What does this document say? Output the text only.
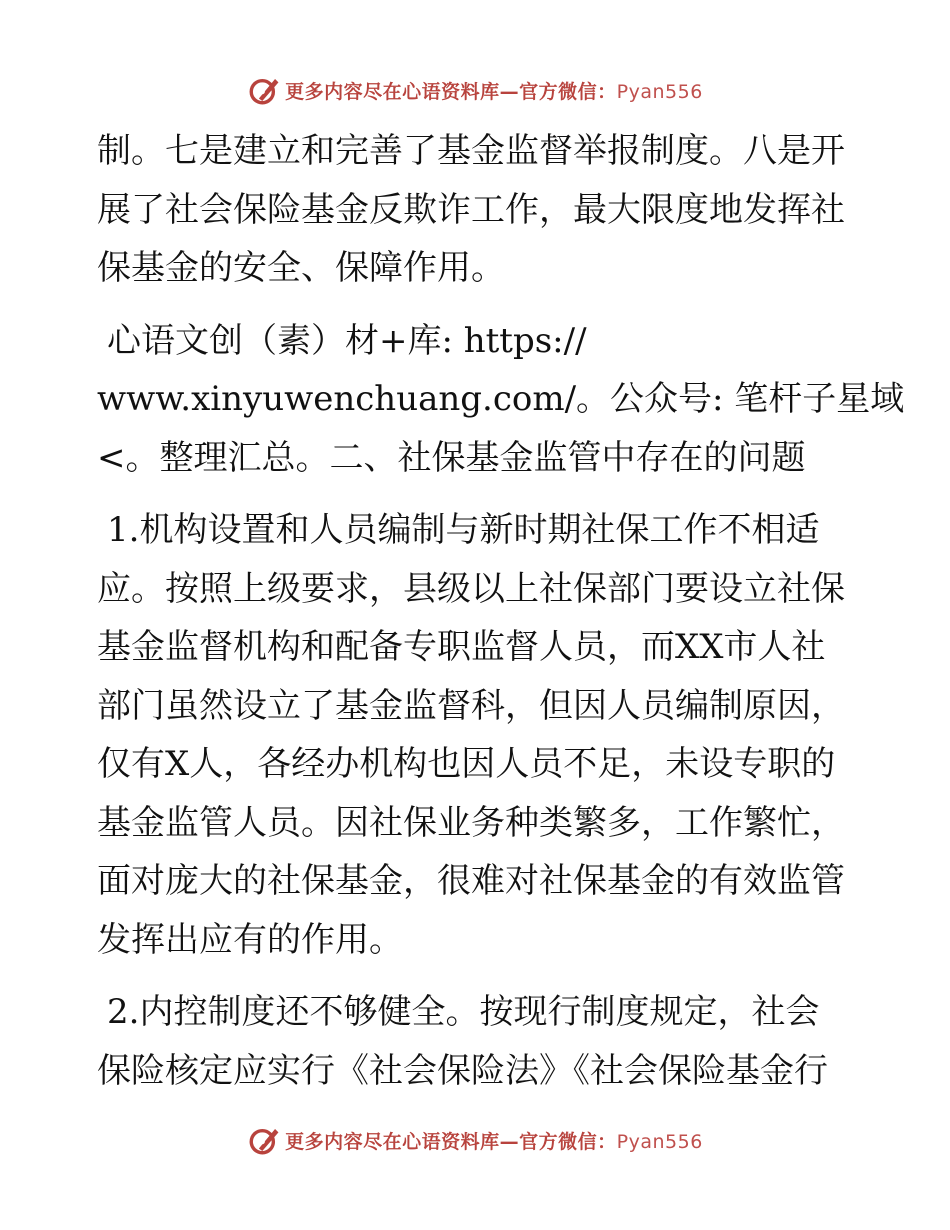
更多内容尽在心语资料库—官方微信：Pyan556
制。七是建立和完善了基金监督举报制度。八是开
展了社会保险基金反欺诈工作，最大限度地发挥社
保基金的安全、保障作用。
心语文创（素）材+库: https://
www.xinyuwenchuang.com/。公众号: 笔杆子星域
<。整理汇总。二、社保基金监管中存在的问题
1.机构设置和人员编制与新时期社保工作不相适
应。按照上级要求，县级以上社保部门要设立社保
基金监督机构和配备专职监督人员，而XX市人社
部门虽然设立了基金监督科，但因人员编制原因，
仅有X人，各经办机构也因人员不足，未设专职的
基金监管人员。因社保业务种类繁多，工作繁忙，
面对庞大的社保基金，很难对社保基金的有效监管
发挥出应有的作用。
2.内控制度还不够健全。按现行制度规定，社会
保险核定应实行《社会保险法》《社会保险基金行
更多内容尽在心语资料库—官方微信：Pyan556
